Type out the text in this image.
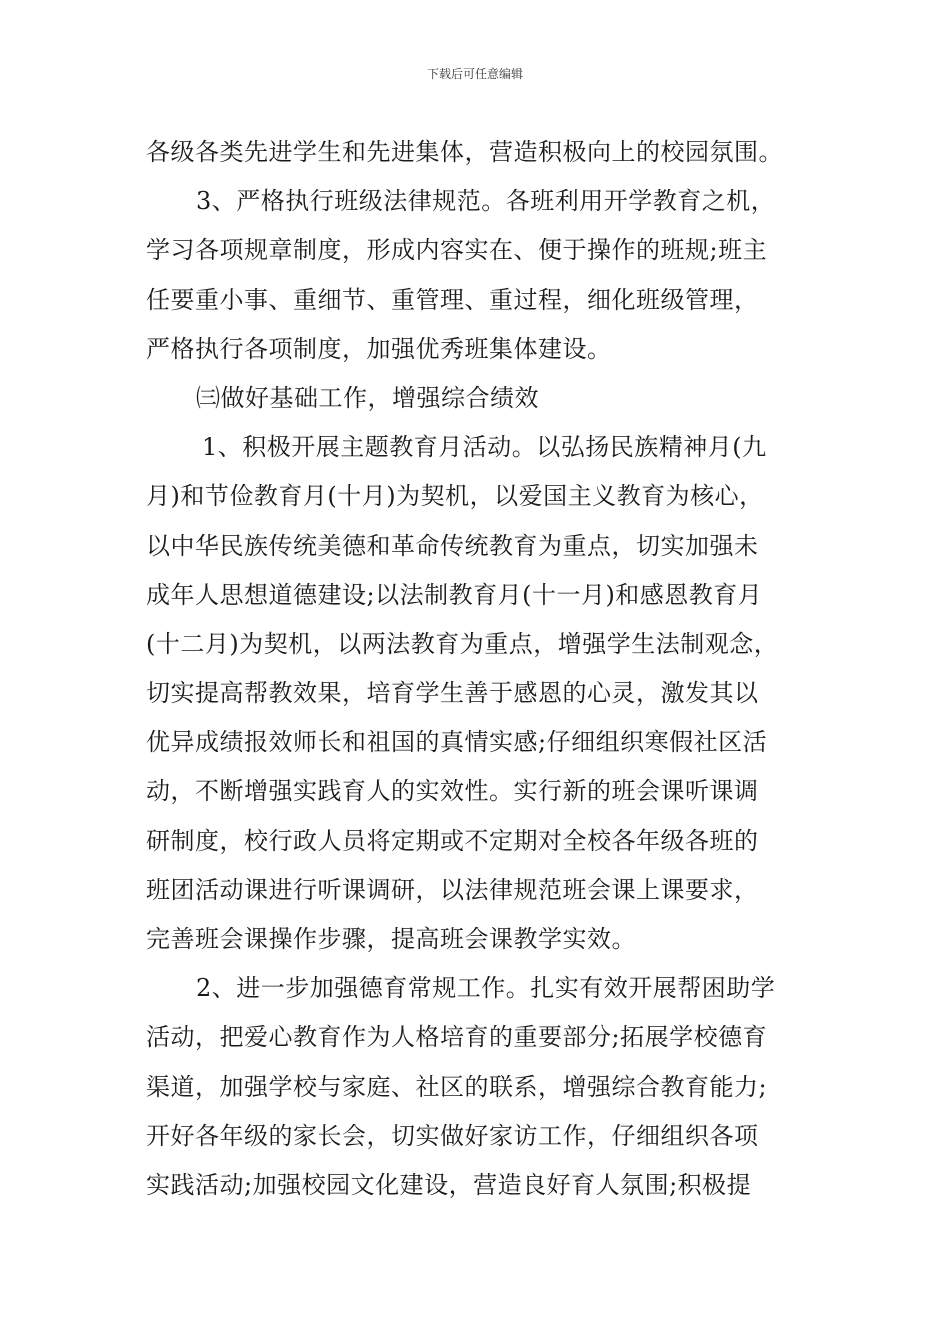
下载后可任意编辑
各级各类先进学生和先进集体，营造积极向上的校园氛围。
3、严格执行班级法律规范。各班利用开学教育之机，
学习各项规章制度，形成内容实在、便于操作的班规;班主
任要重小事、重细节、重管理、重过程，细化班级管理，
严格执行各项制度，加强优秀班集体建设。
㈢做好基础工作，增强综合绩效
1、积极开展主题教育月活动。以弘扬民族精神月(九
月)和节俭教育月(十月)为契机，以爱国主义教育为核心，
以中华民族传统美德和革命传统教育为重点，切实加强未
成年人思想道德建设;以法制教育月(十一月)和感恩教育月
(十二月)为契机，以两法教育为重点，增强学生法制观念，
切实提高帮教效果，培育学生善于感恩的心灵，激发其以
优异成绩报效师长和祖国的真情实感;仔细组织寒假社区活
动，不断增强实践育人的实效性。实行新的班会课听课调
研制度，校行政人员将定期或不定期对全校各年级各班的
班团活动课进行听课调研，以法律规范班会课上课要求，
完善班会课操作步骤，提高班会课教学实效。
2、进一步加强德育常规工作。扎实有效开展帮困助学
活动，把爱心教育作为人格培育的重要部分;拓展学校德育
渠道，加强学校与家庭、社区的联系，增强综合教育能力;
开好各年级的家长会，切实做好家访工作，仔细组织各项
实践活动;加强校园文化建设，营造良好育人氛围;积极提
